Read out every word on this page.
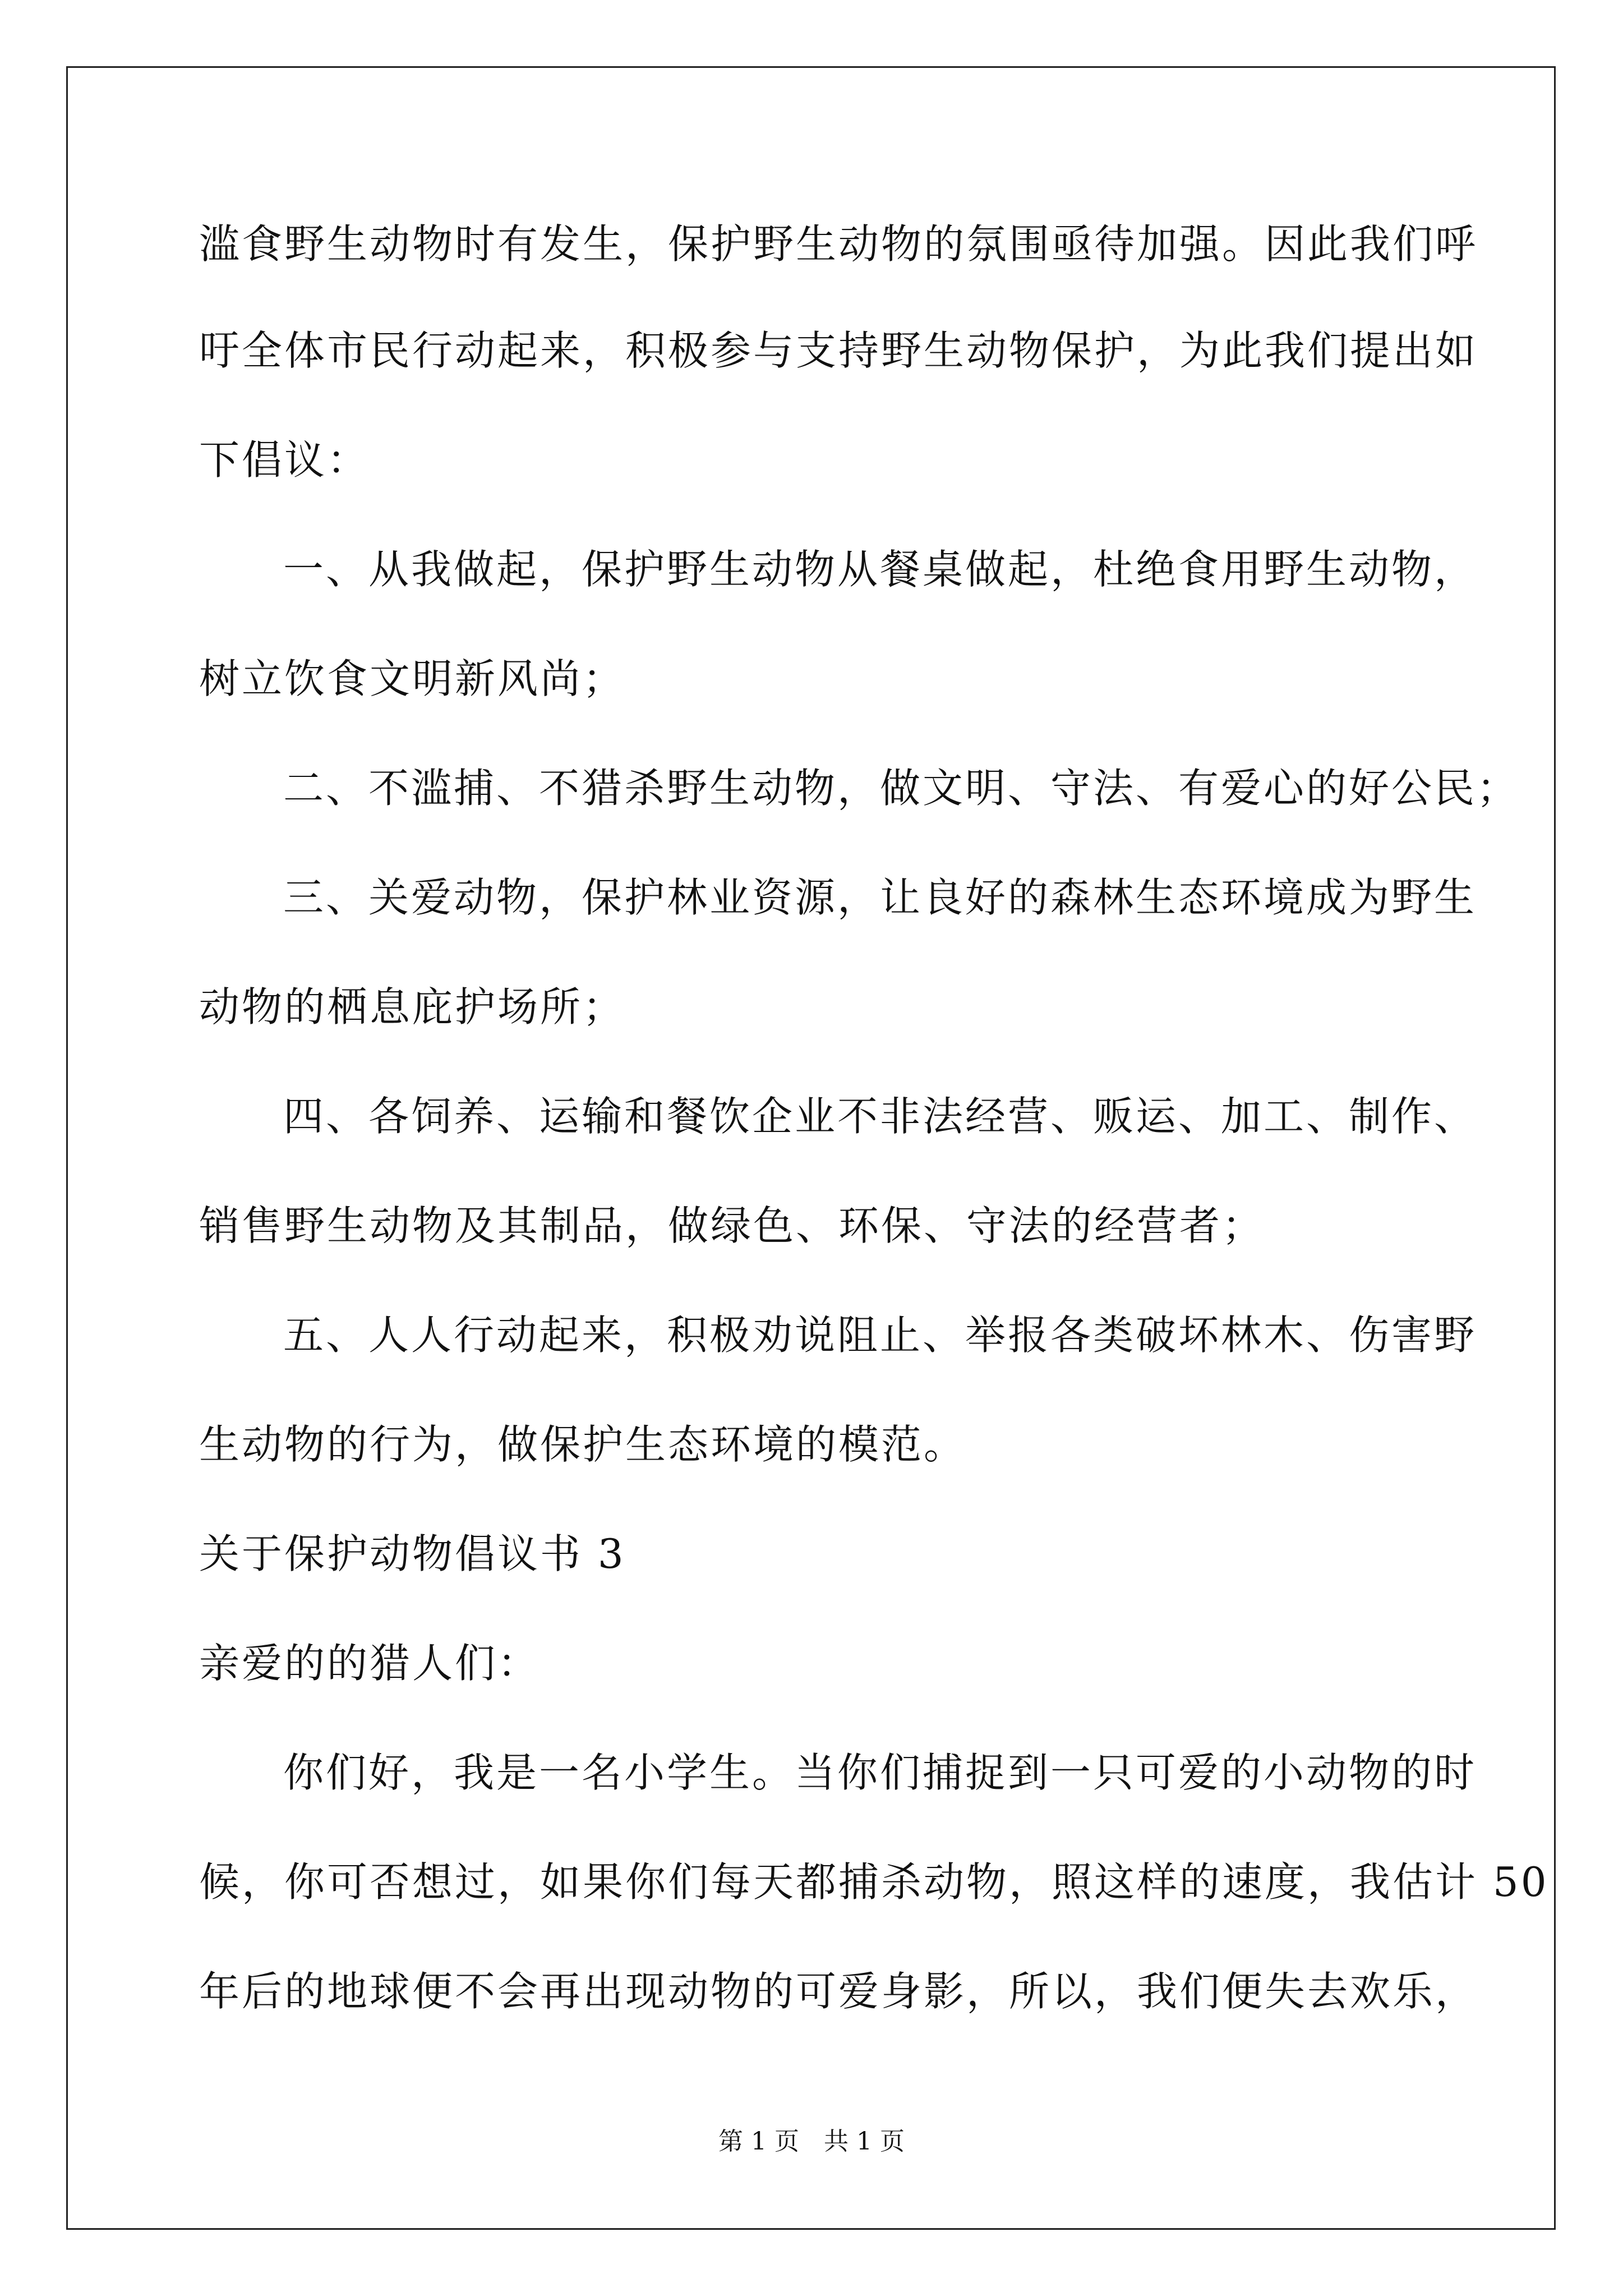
滥食野生动物时有发生，保护野生动物的氛围亟待加强。因此我们呼
吁全体市民行动起来，积极参与支持野生动物保护，为此我们提出如
下倡议：
一、从我做起，保护野生动物从餐桌做起，杜绝食用野生动物，
树立饮食文明新风尚；
二、不滥捕、不猎杀野生动物，做文明、守法、有爱心的好公民；
三、关爱动物，保护林业资源，让良好的森林生态环境成为野生
动物的栖息庇护场所；
四、各饲养、运输和餐饮企业不非法经营、贩运、加工、制作、
销售野生动物及其制品，做绿色、环保、守法的经营者；
五、人人行动起来，积极劝说阻止、举报各类破坏林木、伤害野
生动物的行为，做保护生态环境的模范。
关于保护动物倡议书 3
亲爱的的猎人们：
你们好，我是一名小学生。当你们捕捉到一只可爱的小动物的时
候，你可否想过，如果你们每天都捕杀动物，照这样的速度，我估计 50
年后的地球便不会再出现动物的可爱身影，所以，我们便失去欢乐，
第 1 页　共 1 页
